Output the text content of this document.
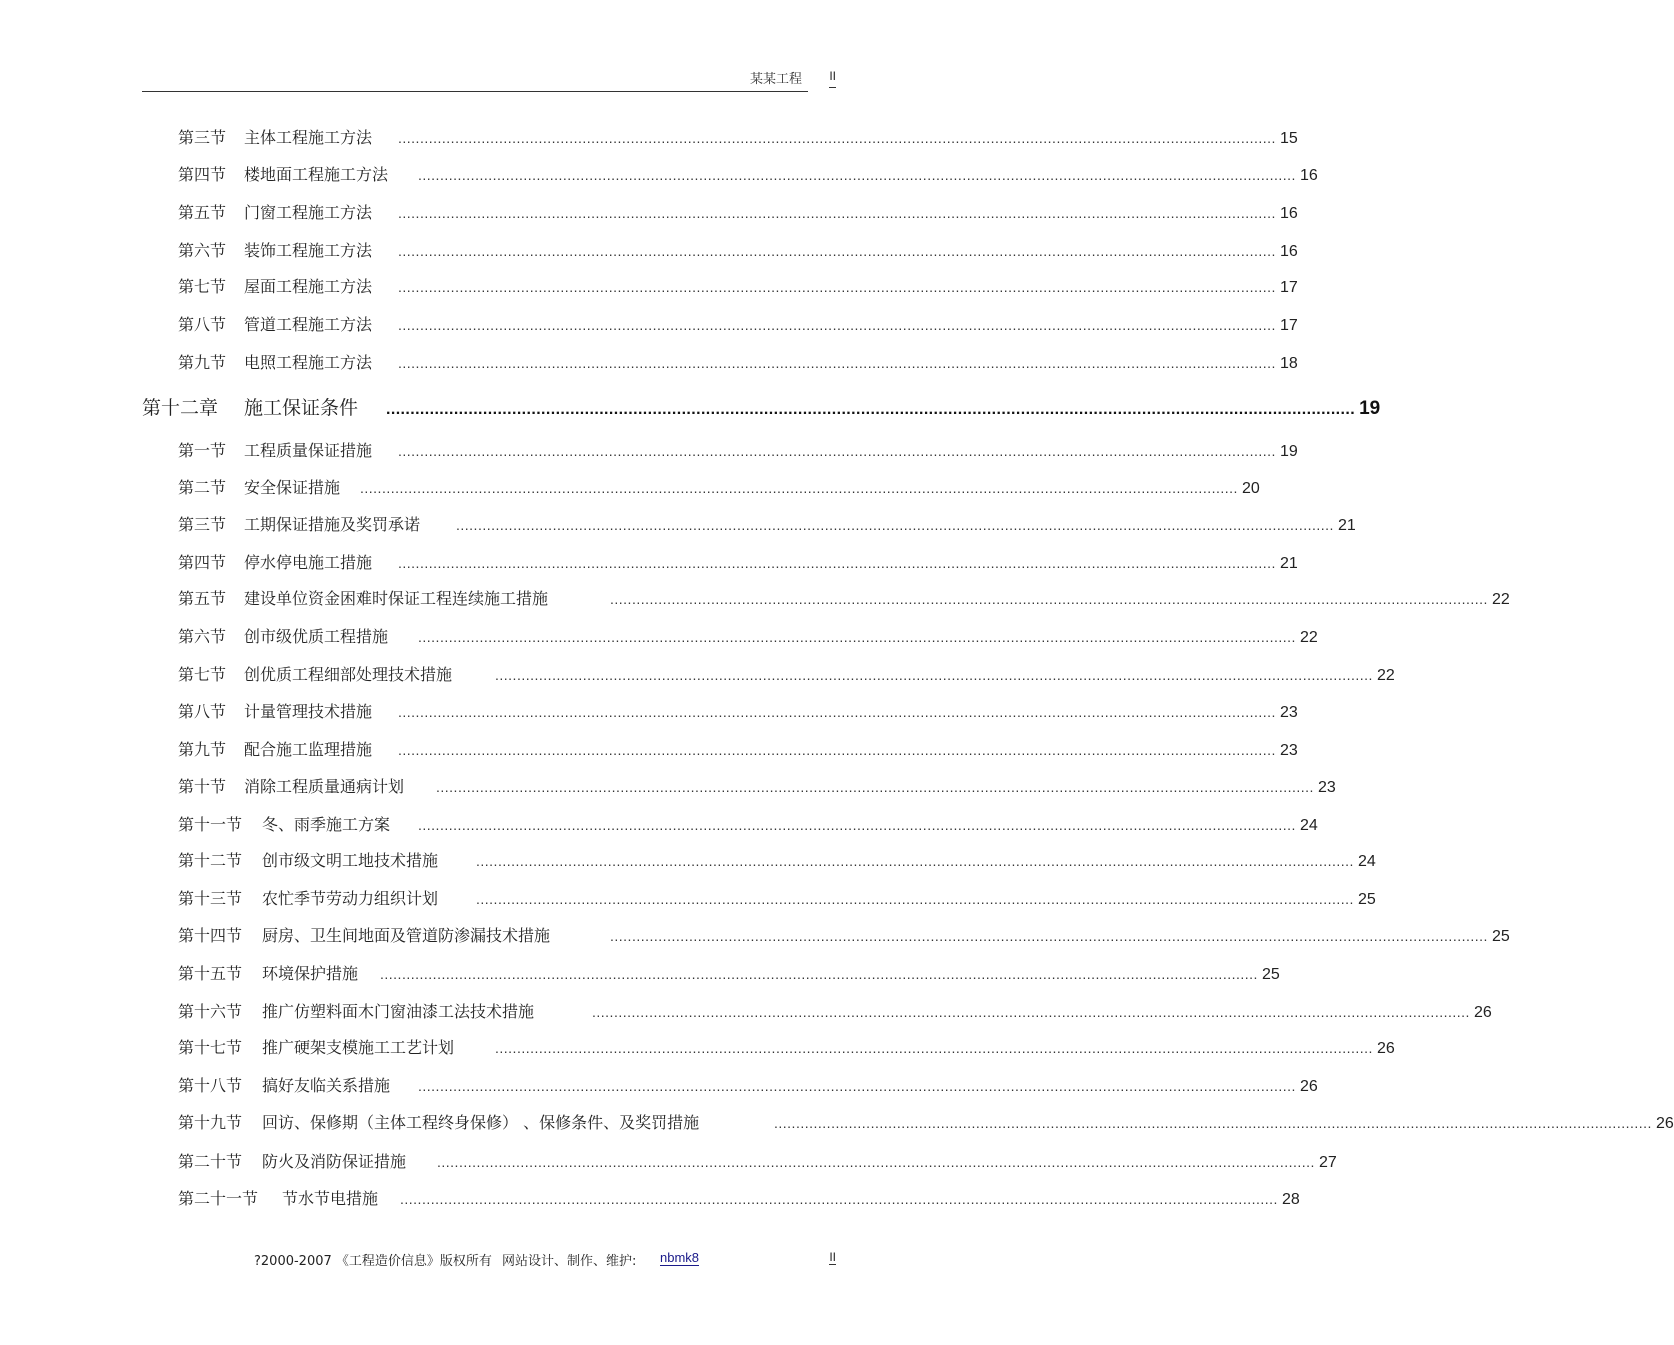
某某工程 II
第三节 主体工程施工方法 ........................................................................................................................................................................................................ 15
第四节 楼地面工程施工方法 ........................................................................................................................................................................................................ 16
第五节 门窗工程施工方法 ........................................................................................................................................................................................................ 16
第六节 装饰工程施工方法 ........................................................................................................................................................................................................ 16
第七节 屋面工程施工方法 ........................................................................................................................................................................................................ 17
第八节 管道工程施工方法 ........................................................................................................................................................................................................ 17
第九节 电照工程施工方法 ........................................................................................................................................................................................................ 18
第十二章 施工保证条件 ........................................................................................................................................................................................................ 19
第一节 工程质量保证措施 ........................................................................................................................................................................................................ 19
第二节 安全保证措施 ........................................................................................................................................................................................................ 20
第三节 工期保证措施及奖罚承诺	........................................................................................................................................................................................................ 21
第四节 停水停电施工措施 ........................................................................................................................................................................................................ 21
第五节 建设单位资金困难时保证工程连续施工措施	........................................................................................................................................................................................................ 22
第六节 创市级优质工程措施 ........................................................................................................................................................................................................ 22
第七节 创优质工程细部处理技术措施	........................................................................................................................................................................................................ 22
第八节 计量管理技术措施 ........................................................................................................................................................................................................ 23
第九节 配合施工监理措施 ........................................................................................................................................................................................................ 23
第十节 消除工程质量通病计划 ........................................................................................................................................................................................................ 23
第十一节 冬、雨季施工方案 ........................................................................................................................................................................................................ 24
第十二节 创市级文明工地技术措施	........................................................................................................................................................................................................ 24
第十三节 农忙季节劳动力组织计划	........................................................................................................................................................................................................ 25
第十四节 厨房、卫生间地面及管道防渗漏技术措施	........................................................................................................................................................................................................ 25
第十五节 环境保护措施 ........................................................................................................................................................................................................ 25
第十六节 推广仿塑料面木门窗油漆工法技术措施	........................................................................................................................................................................................................ 26
第十七节 推广硬架支模施工工艺计划	........................................................................................................................................................................................................ 26
第十八节 搞好友临关系措施 ........................................................................................................................................................................................................ 26
第十九节 回访、保修期（主体工程终身保修） 、保修条件、及奖罚措施	........................................................................................................................................................................................................ 26
第二十节 防火及消防保证措施 ........................................................................................................................................................................................................ 27
第二十一节 节水节电措施 ........................................................................................................................................................................................................ 28
?2000-2007 《工程造价信息》版权所有 网站设计、制作、维护: nbmk8	II
